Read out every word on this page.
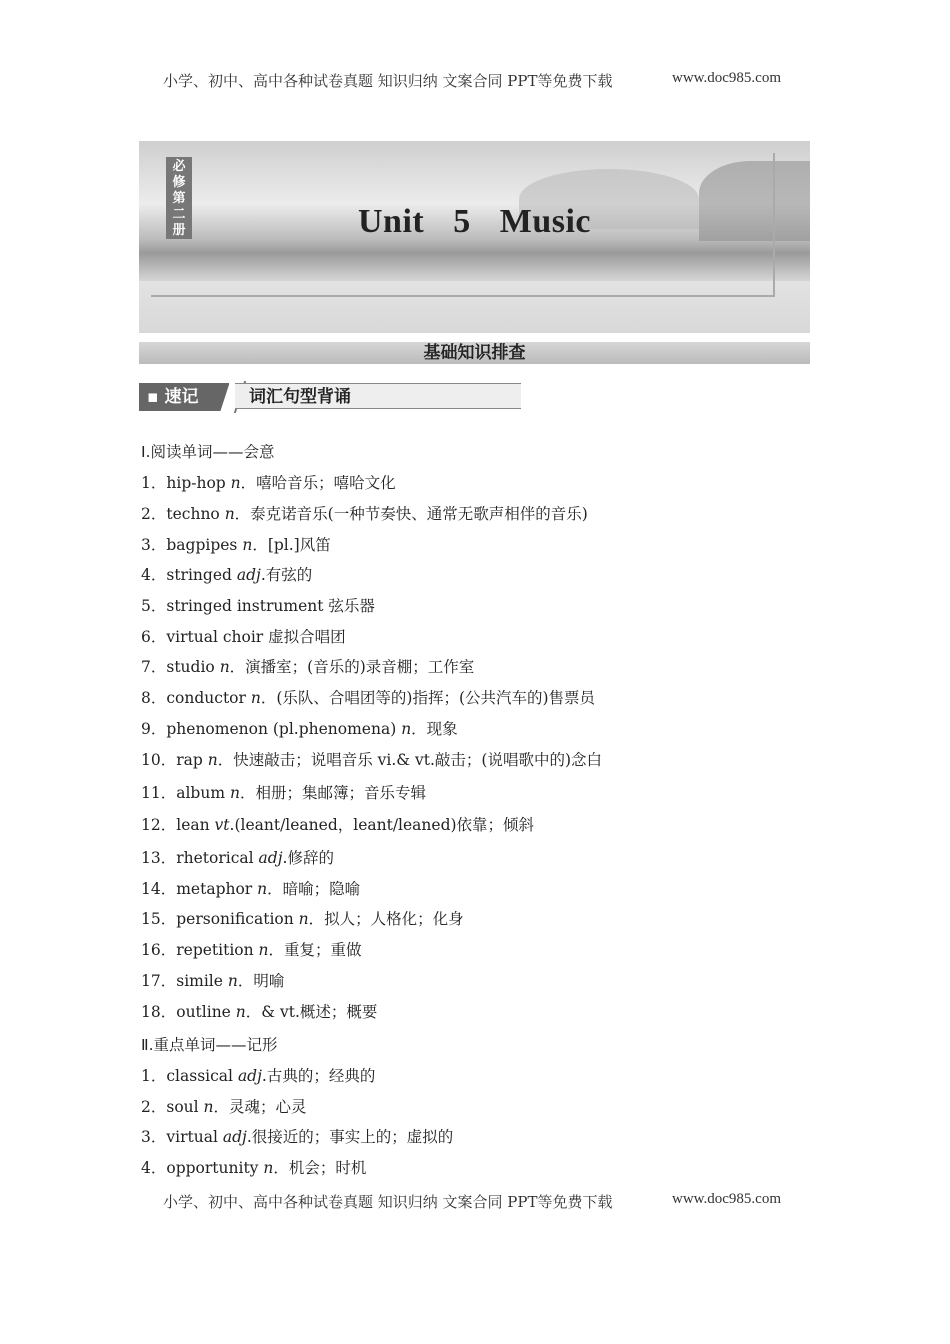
小学、初中、高中各种试卷真题 知识归纳 文案合同 PPT等免费下载	www.doc985.com
必
修
第
二
册	Unit 5 Music
基础知识排查
▪ 速记	词汇句型背诵
Ⅰ.阅读单词——会意
1．hip-hop n．嘻哈音乐；嘻哈文化
2．techno n．泰克诺音乐(一种节奏快、通常无歌声相伴的音乐)
3．bagpipes n．[pl.]风笛
4．stringed adj.有弦的
5．stringed instrument 弦乐器
6．virtual choir 虚拟合唱团
7．studio n．演播室；(音乐的)录音棚；工作室
8．conductor n．(乐队、合唱团等的)指挥；(公共汽车的)售票员
9．phenomenon (pl.phenomena) n．现象
10．rap n．快速敲击；说唱音乐 vi.& vt.敲击；(说唱歌中的)念白
11．album n．相册；集邮簿；音乐专辑
12．lean vt.(leant/leaned，leant/leaned)依靠；倾斜
13．rhetorical adj.修辞的
14．metaphor n．暗喻；隐喻
15．personification n．拟人；人格化；化身
16．repetition n．重复；重做
17．simile n．明喻
18．outline n．& vt.概述；概要
Ⅱ.重点单词——记形
1．classical adj.古典的；经典的
2．soul n．灵魂；心灵
3．virtual adj.很接近的；事实上的；虚拟的
4．opportunity n．机会；时机
小学、初中、高中各种试卷真题 知识归纳 文案合同 PPT等免费下载	www.doc985.com
